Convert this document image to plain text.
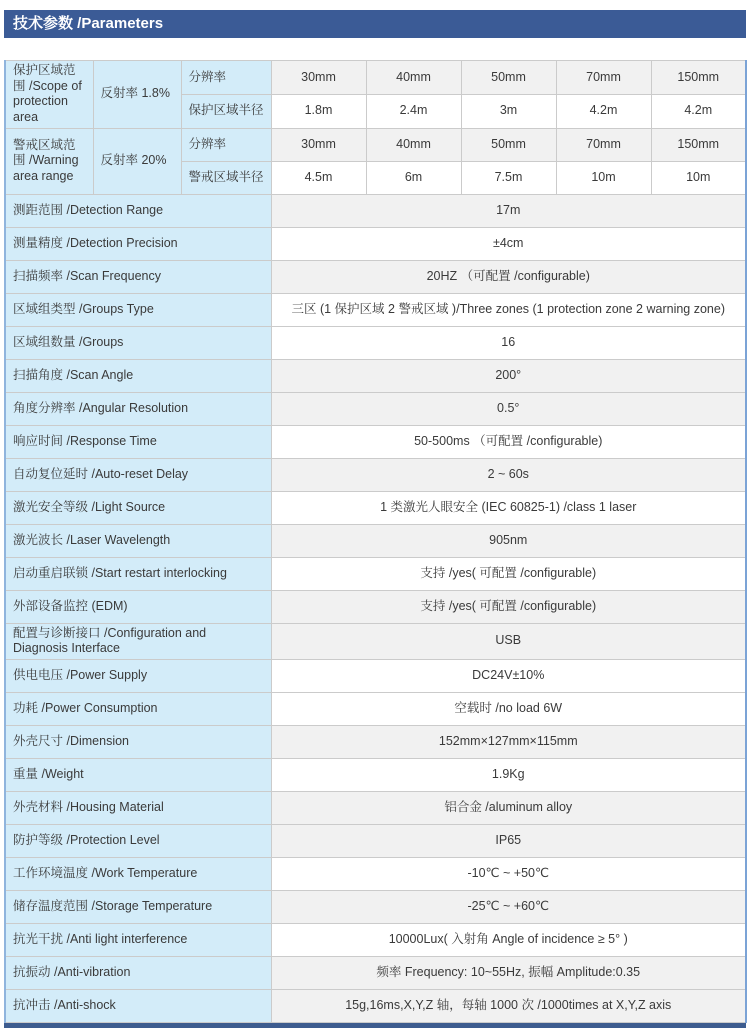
技术参数 /Parameters
保护区域范围 /Scope of protection area	反射率 1.8%	分辨率	30mm	40mm	50mm	70mm	150mm
		保护区域半径	1.8m	2.4m	3m	4.2m	4.2m
警戒区域范围 /Warning area range	反射率 20%	分辨率	30mm	40mm	50mm	70mm	150mm
		警戒区域半径	4.5m	6m	7.5m	10m	10m
测距范围 /Detection Range			17m				
测量精度 /Detection Precision			±4cm				
扫描频率 /Scan Frequency			20HZ （可配置 /configurable)				
区域组类型 /Groups Type			三区 (1 保护区域 2 警戒区域 )/Three zones (1 protection zone 2 warning zone)				
区域组数量 /Groups			16				
扫描角度 /Scan Angle			200°				
角度分辨率 /Angular Resolution			0.5°				
响应时间 /Response Time			50-500ms （可配置 /configurable)				
自动复位延时 /Auto-reset Delay			2 ~ 60s				
激光安全等级 /Light Source			1 类激光人眼安全 (IEC 60825-1) /class 1 laser				
激光波长 /Laser Wavelength			905nm				
启动重启联锁 /Start restart interlocking			支持 /yes( 可配置 /configurable)				
外部设备监控 (EDM)			支持 /yes( 可配置 /configurable)				
配置与诊断接口 /Configuration and Diagnosis Interface			USB				
供电电压 /Power Supply			DC24V±10%				
功耗 /Power Consumption			空载时 /no load 6W				
外壳尺寸 /Dimension			152mm×127mm×115mm				
重量 /Weight			1.9Kg				
外壳材料 /Housing Material			铝合金 /aluminum alloy				
防护等级 /Protection Level			IP65				
工作环境温度 /Work Temperature			-10℃ ~ +50℃				
储存温度范围 /Storage Temperature			-25℃ ~ +60℃				
抗光干扰 /Anti light interference			10000Lux( 入射角 Angle of incidence ≥ 5° )				
抗振动 /Anti-vibration			频率 Frequency: 10~55Hz, 振幅 Amplitude:0.35				
抗冲击 /Anti-shock			15g,16ms,X,Y,Z 轴，每轴 1000 次 /1000times at X,Y,Z axis				
